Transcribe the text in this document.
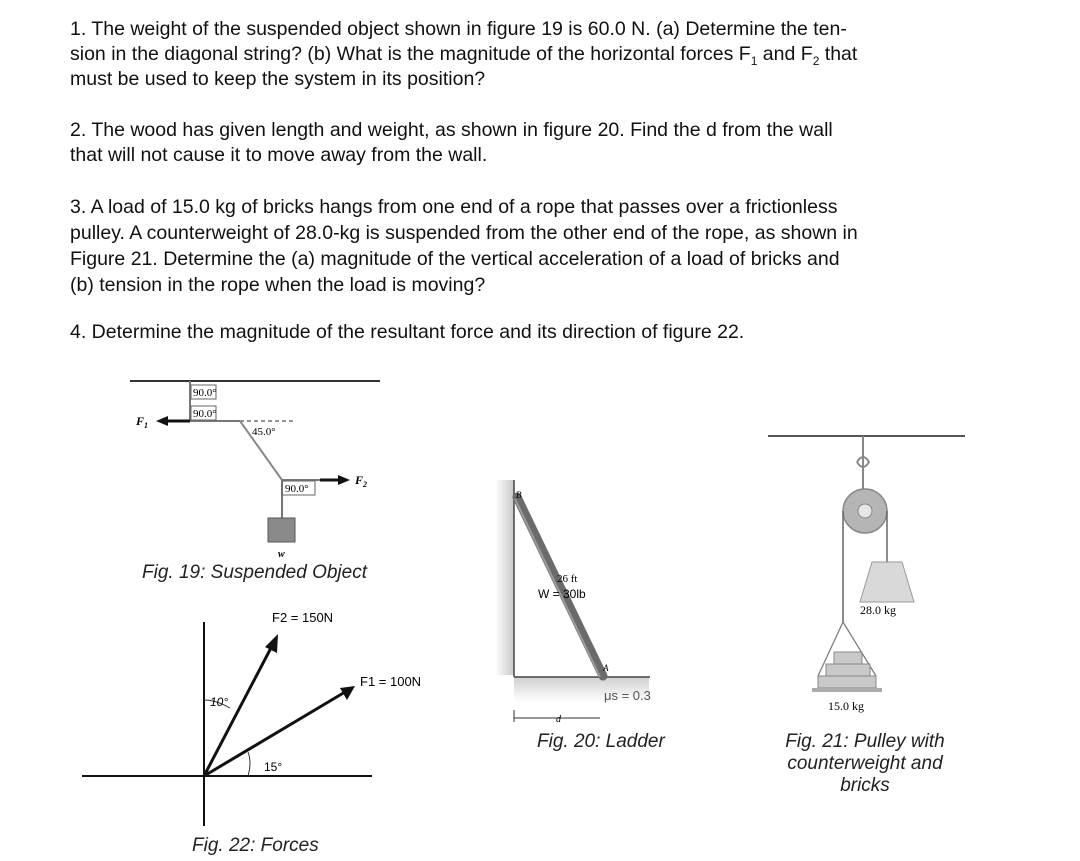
1. The weight of the suspended object shown in figure 19 is 60.0 N. (a) Determine the ten-

sion in the diagonal string? (b) What is the magnitude of the horizontal forces $F_1$ and $F_2$ that

must be used to keep the system in its position?

2. The wood has given length and weight, as shown in figure 20. Find the d from the wall

that will not cause it to move away from the wall.

3. A load of 15.0 kg of bricks hangs from one end of a rope that passes over a frictionless

pulley. A counterweight of 28.0-kg is suspended from the other end of the rope, as shown in

Figure 21. Determine the (a) magnitude of the vertical acceleration of a load of bricks and

(b) tension in the rope when the load is moving?

4. Determine the magnitude of the resultant force and its direction of figure 22.

90.0°
90.0°
45.0°
90.0°
$F_1$
$F_2$
w
Fig. 19: Suspended Object
F2 = 150N
F1 = 100N
10°
15°
Fig. 22: Forces
B
A
26 ft
W = 30lb
μs = 0.3
d
Fig. 20: Ladder
28.0 kg
15.0 kg
Fig. 21: Pulley with
counterweight and
bricks
